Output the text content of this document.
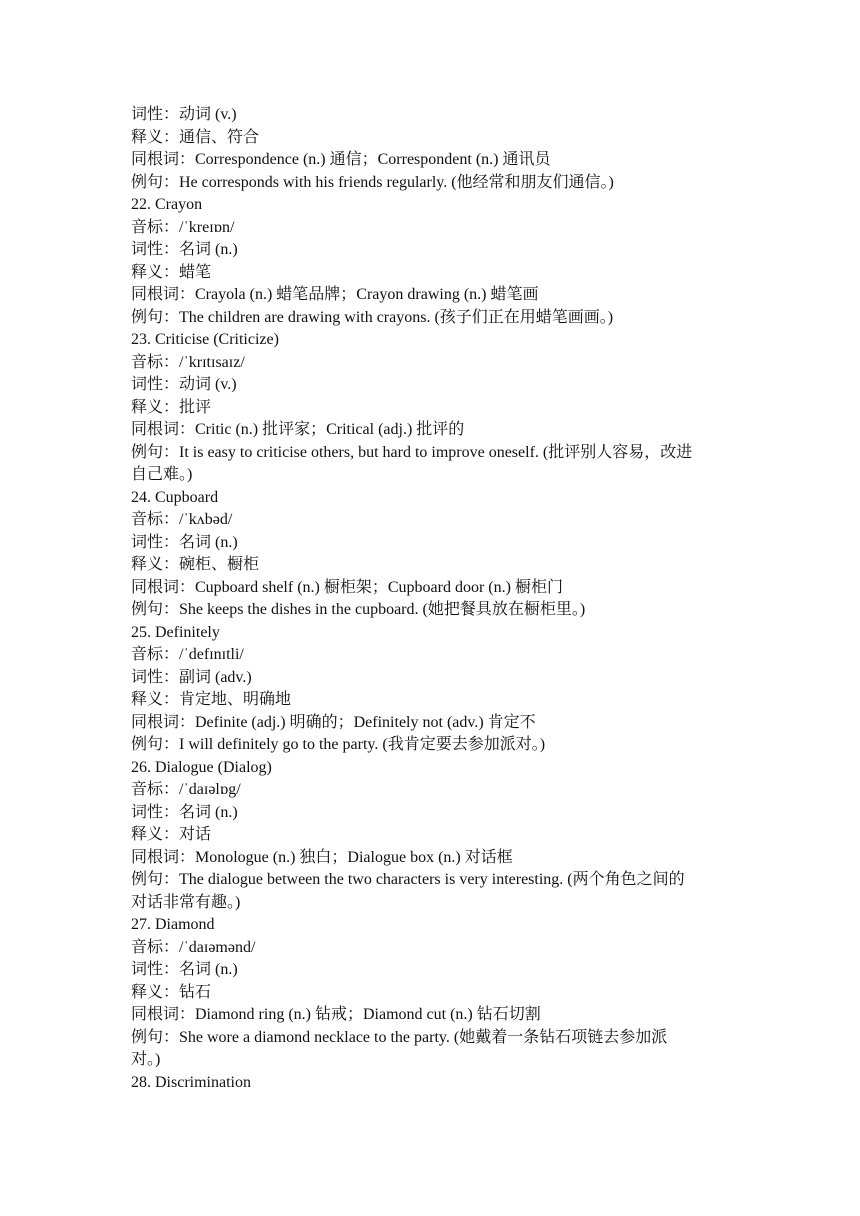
词性：动词 (v.)
释义：通信、符合
同根词：Correspondence (n.) 通信；Correspondent (n.) 通讯员
例句：He corresponds with his friends regularly. (他经常和朋友们通信。)
22. Crayon
音标：/ˈkreɪɒn/
词性：名词 (n.)
释义：蜡笔
同根词：Crayola (n.) 蜡笔品牌；Crayon drawing (n.) 蜡笔画
例句：The children are drawing with crayons. (孩子们正在用蜡笔画画。)
23. Criticise (Criticize)
音标：/ˈkrɪtɪsaɪz/
词性：动词 (v.)
释义：批评
同根词：Critic (n.) 批评家；Critical (adj.) 批评的
例句：It is easy to criticise others, but hard to improve oneself. (批评别人容易，改进
自己难。)
24. Cupboard
音标：/ˈkʌbəd/
词性：名词 (n.)
释义：碗柜、橱柜
同根词：Cupboard shelf (n.) 橱柜架；Cupboard door (n.) 橱柜门
例句：She keeps the dishes in the cupboard. (她把餐具放在橱柜里。)
25. Definitely
音标：/ˈdefɪnɪtli/
词性：副词 (adv.)
释义：肯定地、明确地
同根词：Definite (adj.) 明确的；Definitely not (adv.) 肯定不
例句：I will definitely go to the party. (我肯定要去参加派对。)
26. Dialogue (Dialog)
音标：/ˈdaɪəlɒg/
词性：名词 (n.)
释义：对话
同根词：Monologue (n.) 独白；Dialogue box (n.) 对话框
例句：The dialogue between the two characters is very interesting. (两个角色之间的
对话非常有趣。)
27. Diamond
音标：/ˈdaɪəmənd/
词性：名词 (n.)
释义：钻石
同根词：Diamond ring (n.) 钻戒；Diamond cut (n.) 钻石切割
例句：She wore a diamond necklace to the party. (她戴着一条钻石项链去参加派
对。)
28. Discrimination
